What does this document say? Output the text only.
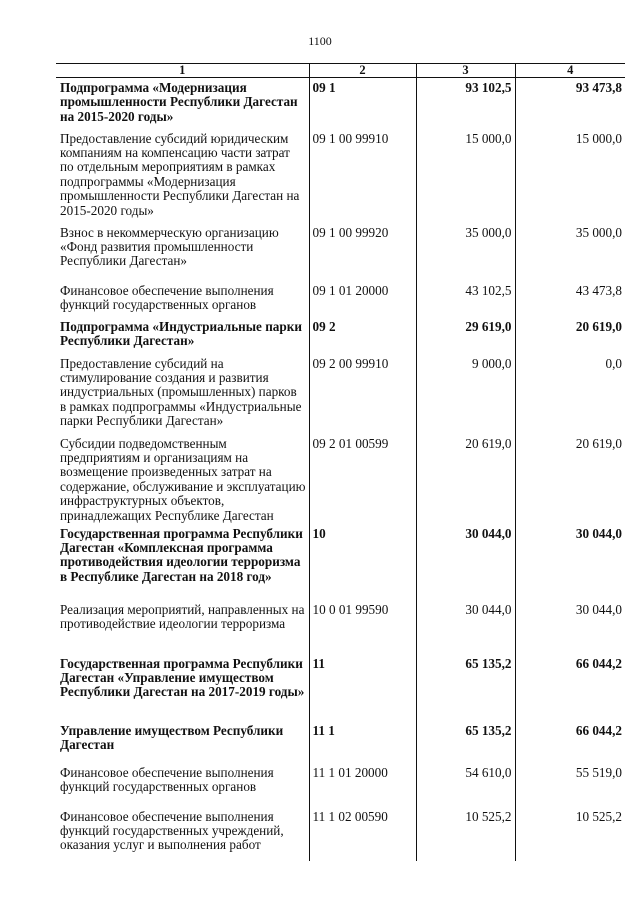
1100
1	2	3	4
Подпрограмма «Модернизация промышленности Республики Дагестан на 2015-2020 годы»	09 1	93 102,5	93 473,8
Предоставление субсидий юридическим компаниям на компенсацию части затрат по отдельным мероприятиям в рамках подпрограммы «Модернизация промышленности Республики Дагестан на 2015-2020 годы»	09 1 00 99910	15 000,0	15 000,0
Взнос в некоммерческую организацию «Фонд развития промышленности Республики Дагестан»	09 1 00 99920	35 000,0	35 000,0
Финансовое обеспечение выполнения функций государственных органов	09 1 01 20000	43 102,5	43 473,8
Подпрограмма «Индустриальные парки Республики Дагестан»	09 2	29 619,0	20 619,0
Предоставление субсидий на стимулирование создания и развития индустриальных (промышленных) парков в рамках подпрограммы «Индустриальные парки Республики Дагестан»	09 2 00 99910	9 000,0	0,0
Субсидии подведомственным предприятиям и организациям на возмещение произведенных затрат на содержание, обслуживание и эксплуатацию инфраструктурных объектов, принадлежащих Республике Дагестан	09 2 01 00599	20 619,0	20 619,0
Государственная программа Республики Дагестан «Комплексная программа противодействия идеологии терроризма в Республике Дагестан на 2018 год»	10	30 044,0	30 044,0
Реализация мероприятий, направленных на противодействие идеологии терроризма	10 0 01 99590	30 044,0	30 044,0
Государственная программа Республики Дагестан «Управление имуществом Республики Дагестан на 2017-2019 годы»	11	65 135,2	66 044,2
Управление имуществом Республики Дагестан	11 1	65 135,2	66 044,2
Финансовое обеспечение выполнения функций государственных органов	11 1 01 20000	54 610,0	55 519,0
Финансовое обеспечение выполнения функций государственных учреждений, оказания услуг и выполнения работ	11 1 02 00590	10 525,2	10 525,2
